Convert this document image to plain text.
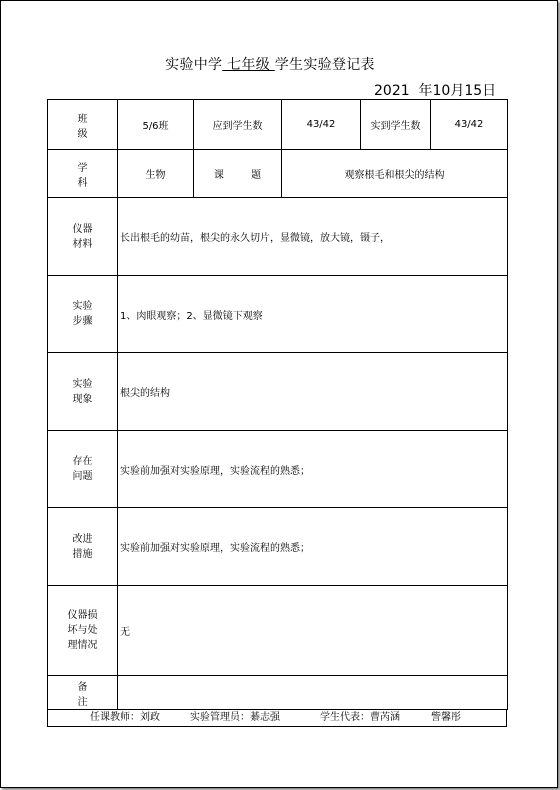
实验中学 七年级 学生实验登记表
2021  年10月15日
班 级	5/6班	应到学生数	43/42	实到学生数	43/42
学 科	生物	课 题	观察根毛和根尖的结构		
仪器
材料	长出根毛的幼苗，根尖的永久切片，显微镜，放大镜，镊子，				
实验
步骤	1、肉眼观察；2、显微镜下观察				
实验
现象	根尖的结构				
存在
问题	实验前加强对实验原理，实验流程的熟悉；				
改进
措施	实验前加强对实验原理，实验流程的熟悉；				
仪器损
坏与处
理情况	无				
备 注					
任课教师：刘政	实验管理员：綦志强	学生代表：曹芮涵	訾馨彤
